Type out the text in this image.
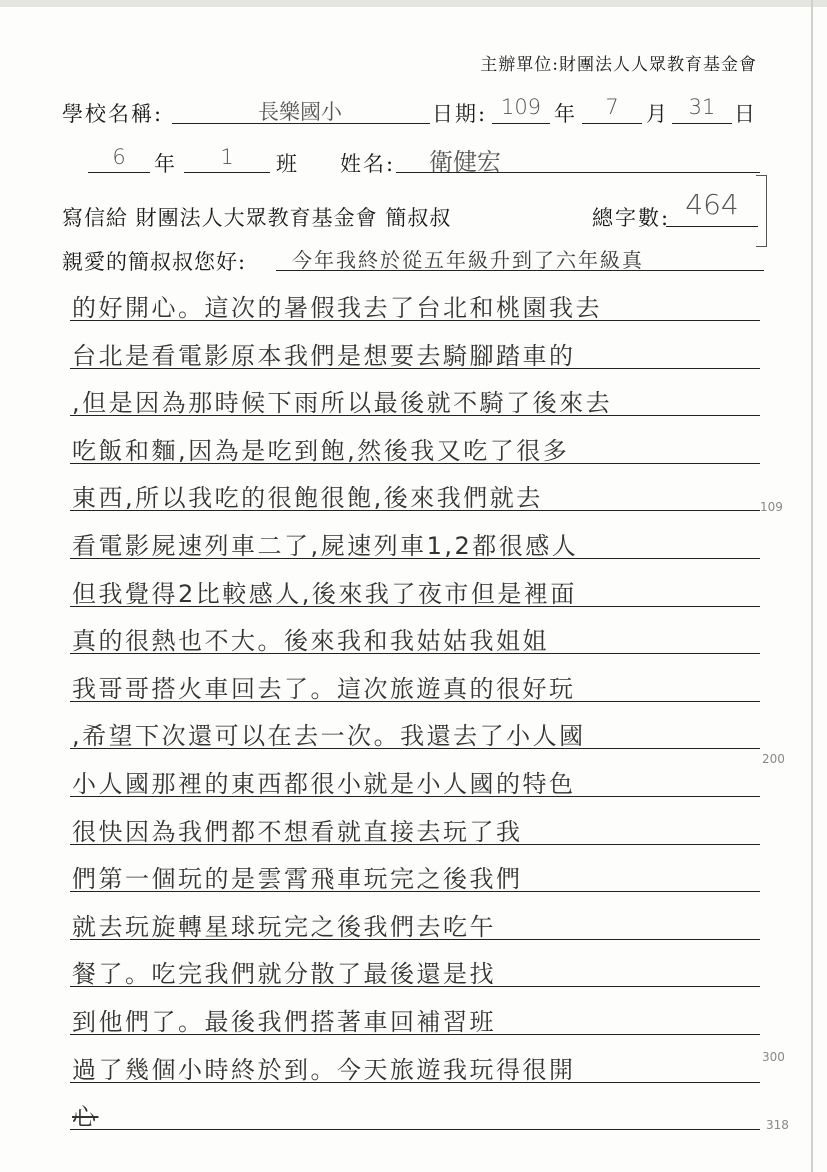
主辦單位:財團法人人眾教育基金會
學校名稱:	長樂國小	日期: 109 年	7	月 31 日
6	年	1	班 姓名:	衛健宏
寫信給 財團法人大眾教育基金會 簡叔叔	總字數: 464
親愛的簡叔叔您好: 今年我終於從五年級升到了六年級真
的好開心。這次的暑假我去了台北和桃園我去
台北是看電影原本我們是想要去騎腳踏車的
,但是因為那時候下雨所以最後就不騎了後來去
吃飯和麵,因為是吃到飽,然後我又吃了很多
東西,所以我吃的很飽很飽,後來我們就去
看電影屍速列車二了,屍速列車1,2都很感人
但我覺得2比較感人,後來我了夜市但是裡面
真的很熱也不大。後來我和我姑姑我姐姐
我哥哥搭火車回去了。這次旅遊真的很好玩
,希望下次還可以在去一次。我還去了小人國
小人國那裡的東西都很小就是小人國的特色
很快因為我們都不想看就直接去玩了我
們第一個玩的是雲霄飛車玩完之後我們
就去玩旋轉星球玩完之後我們去吃午
餐了。吃完我們就分散了最後還是找
到他們了。最後我們搭著車回補習班
過了幾個小時終於到。今天旅遊我玩得很開
心
109
200
300
318
